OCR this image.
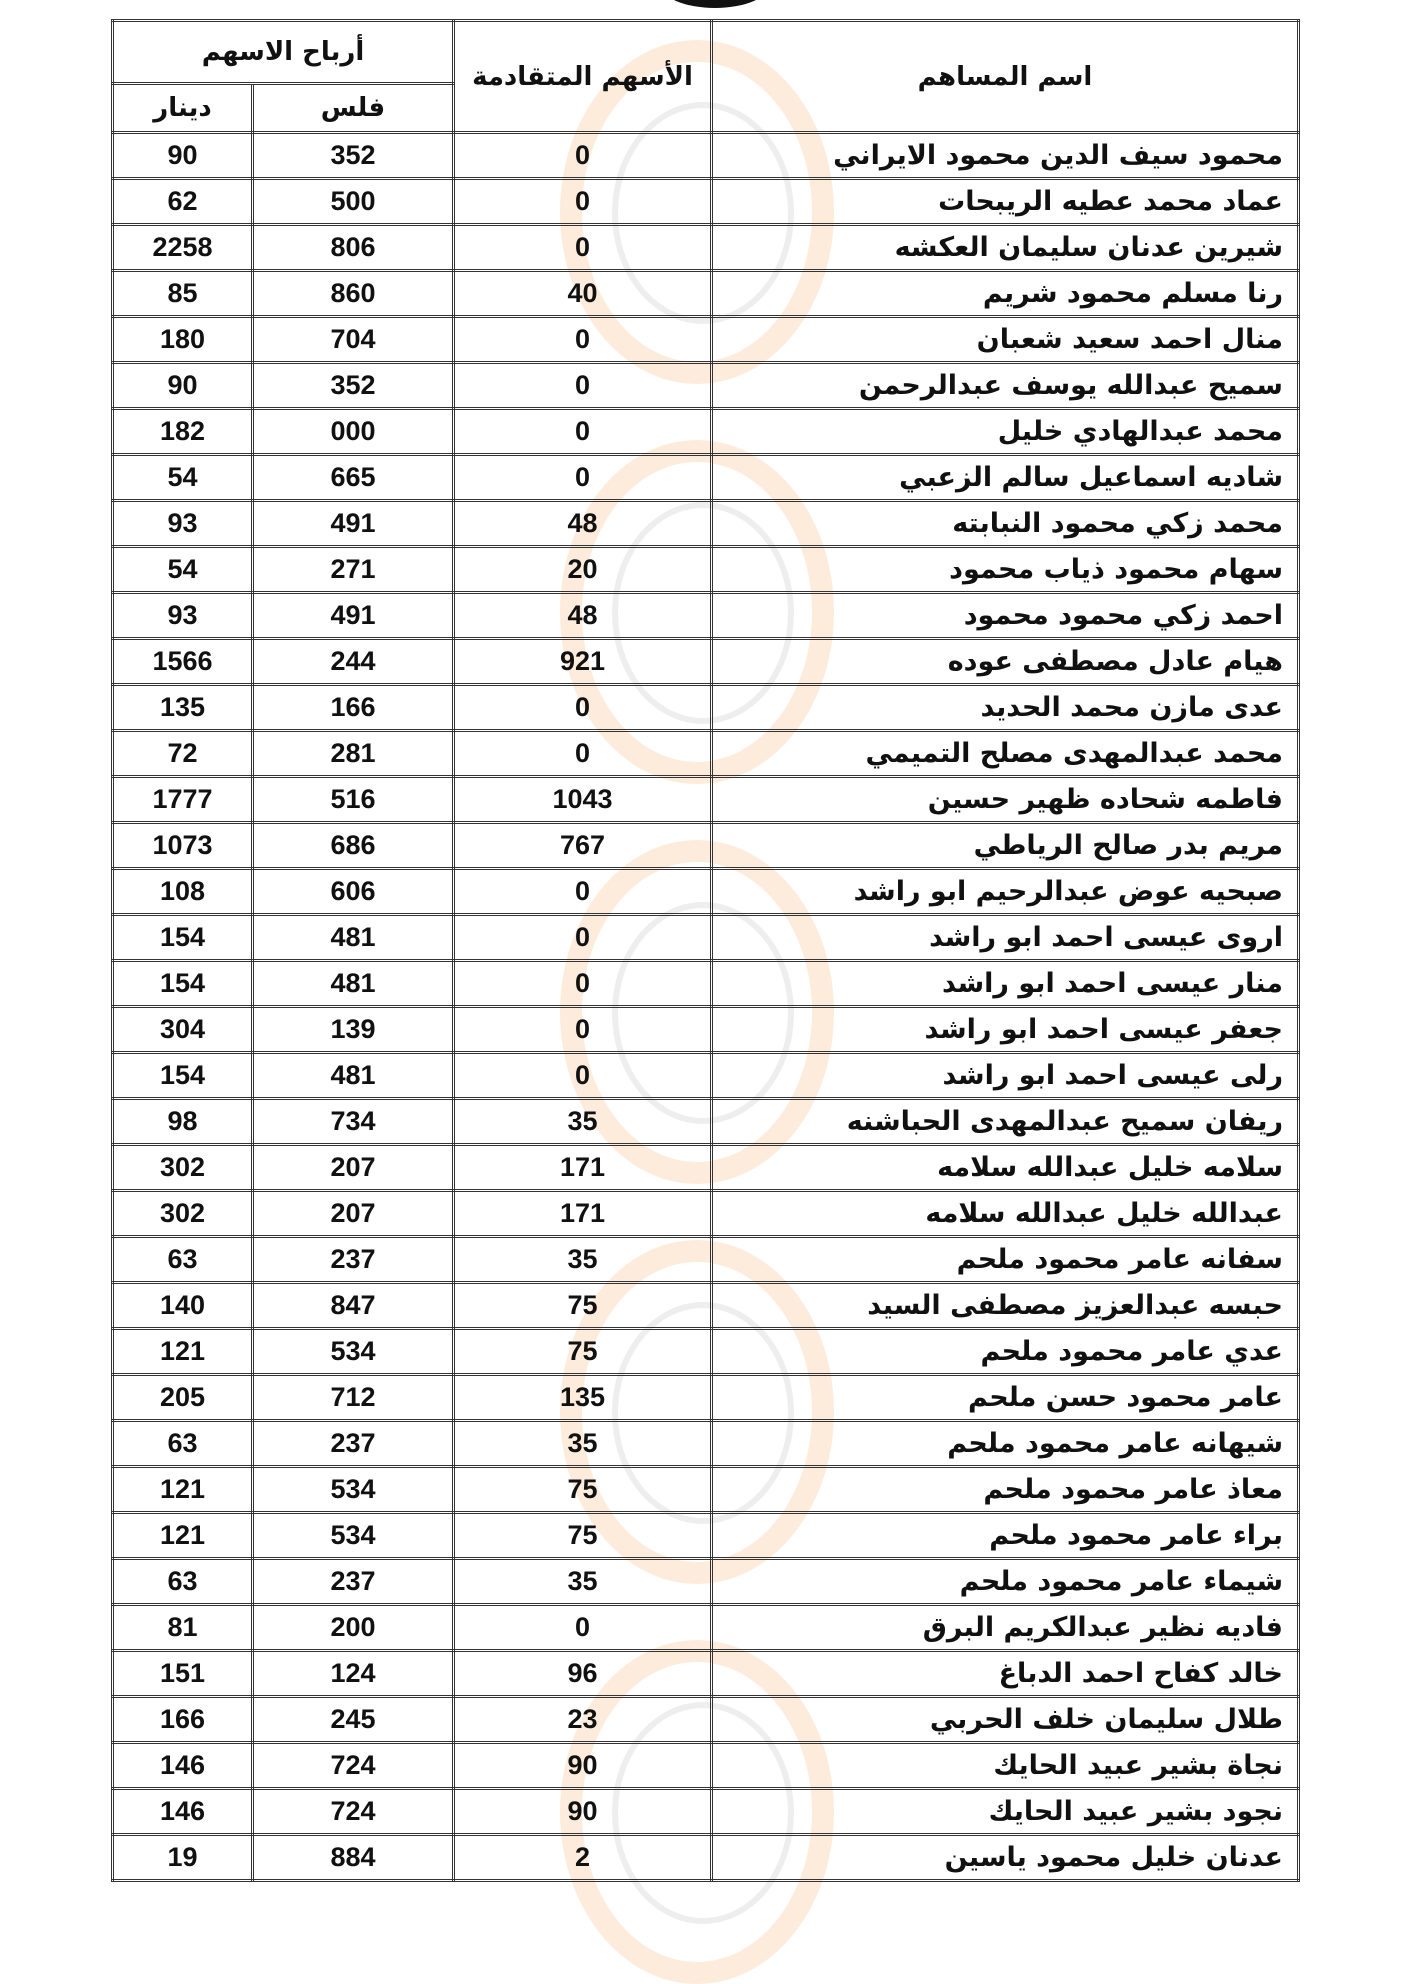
أرباح الاسهم		الأسهم المتقادمة	اسم المساهم
دينار	فلس		
90	352	0	محمود سيف الدين محمود الايراني
62	500	0	عماد محمد عطيه الريبحات
2258	806	0	شيرين عدنان سليمان العكشه
85	860	40	رنا مسلم محمود شريم
180	704	0	منال احمد سعيد شعبان
90	352	0	سميح عبدالله يوسف عبدالرحمن
182	000	0	محمد عبدالهادي خليل
54	665	0	شاديه اسماعيل سالم الزعبي
93	491	48	محمد زكي محمود النبابته
54	271	20	سهام محمود ذياب محمود
93	491	48	احمد زكي محمود محمود
1566	244	921	هيام عادل مصطفى عوده
135	166	0	عدى مازن محمد الحديد
72	281	0	محمد عبدالمهدى مصلح التميمي
1777	516	1043	فاطمه شحاده ظهير حسين
1073	686	767	مريم بدر صالح الرياطي
108	606	0	صبحيه عوض عبدالرحيم ابو راشد
154	481	0	اروى عيسى احمد ابو راشد
154	481	0	منار عيسى احمد ابو راشد
304	139	0	جعفر عيسى احمد ابو راشد
154	481	0	رلى عيسى احمد ابو راشد
98	734	35	ريفان سميح عبدالمهدى الحباشنه
302	207	171	سلامه خليل عبدالله سلامه
302	207	171	عبدالله خليل عبدالله سلامه
63	237	35	سفانه عامر محمود ملحم
140	847	75	حبسه عبدالعزيز مصطفى السيد
121	534	75	عدي عامر محمود ملحم
205	712	135	عامر محمود حسن ملحم
63	237	35	شيهانه عامر محمود ملحم
121	534	75	معاذ عامر محمود ملحم
121	534	75	براء عامر محمود ملحم
63	237	35	شيماء عامر محمود ملحم
81	200	0	فاديه نظير عبدالكريم البرق
151	124	96	خالد كفاح احمد الدباغ
166	245	23	طلال سليمان خلف الحربي
146	724	90	نجاة بشير عبيد الحايك
146	724	90	نجود بشير عبيد الحايك
19	884	2	عدنان خليل محمود ياسين
